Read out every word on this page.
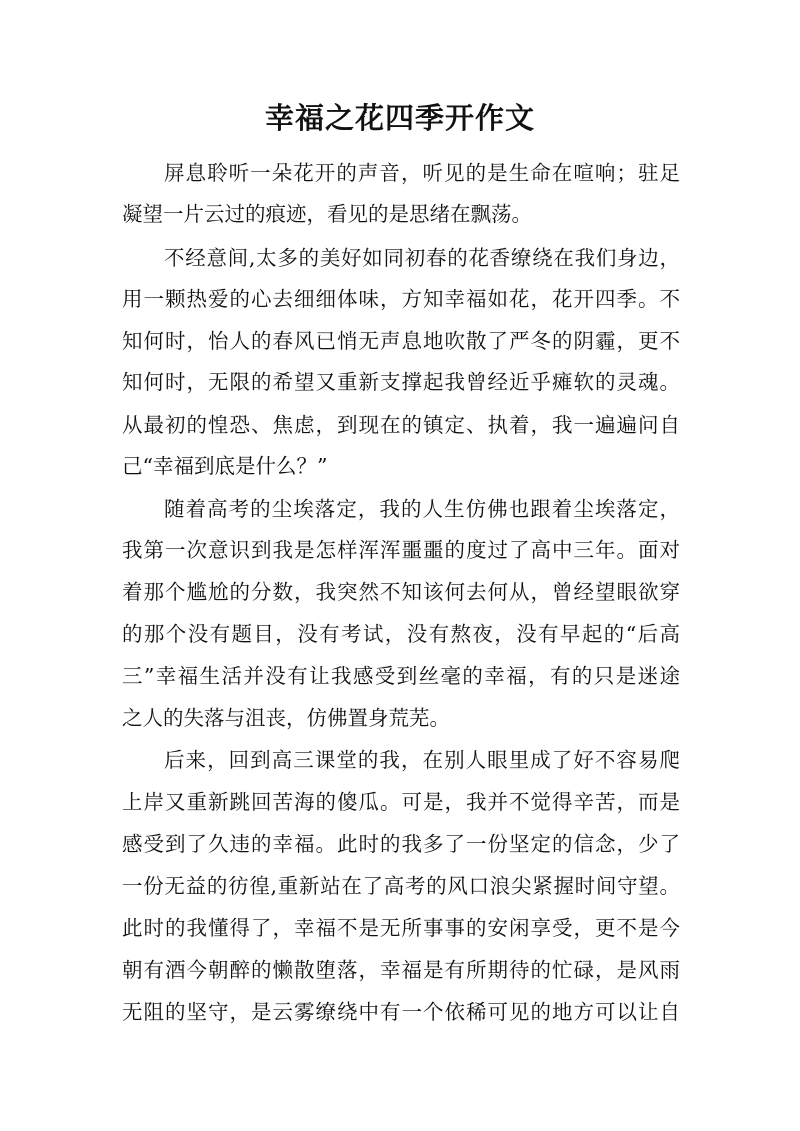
幸福之花四季开作文
屏息聆听一朵花开的声音，听见的是生命在喧响；驻足
凝望一片云过的痕迹，看见的是思绪在飘荡。
不经意间,太多的美好如同初春的花香缭绕在我们身边，
用一颗热爱的心去细细体味，方知幸福如花，花开四季。不
知何时，怡人的春风已悄无声息地吹散了严冬的阴霾，更不
知何时，无限的希望又重新支撑起我曾经近乎瘫软的灵魂。
从最初的惶恐、焦虑，到现在的镇定、执着，我一遍遍问自
己“幸福到底是什么？”
随着高考的尘埃落定，我的人生仿佛也跟着尘埃落定，
我第一次意识到我是怎样浑浑噩噩的度过了高中三年。面对
着那个尴尬的分数，我突然不知该何去何从，曾经望眼欲穿
的那个没有题目，没有考试，没有熬夜，没有早起的“后高
三”幸福生活并没有让我感受到丝毫的幸福，有的只是迷途
之人的失落与沮丧，仿佛置身荒芜。
后来，回到高三课堂的我，在别人眼里成了好不容易爬
上岸又重新跳回苦海的傻瓜。可是，我并不觉得辛苦，而是
感受到了久违的幸福。此时的我多了一份坚定的信念，少了
一份无益的彷徨,重新站在了高考的风口浪尖紧握时间守望。
此时的我懂得了，幸福不是无所事事的安闲享受，更不是今
朝有酒今朝醉的懒散堕落，幸福是有所期待的忙碌，是风雨
无阻的坚守，是云雾缭绕中有一个依稀可见的地方可以让自
